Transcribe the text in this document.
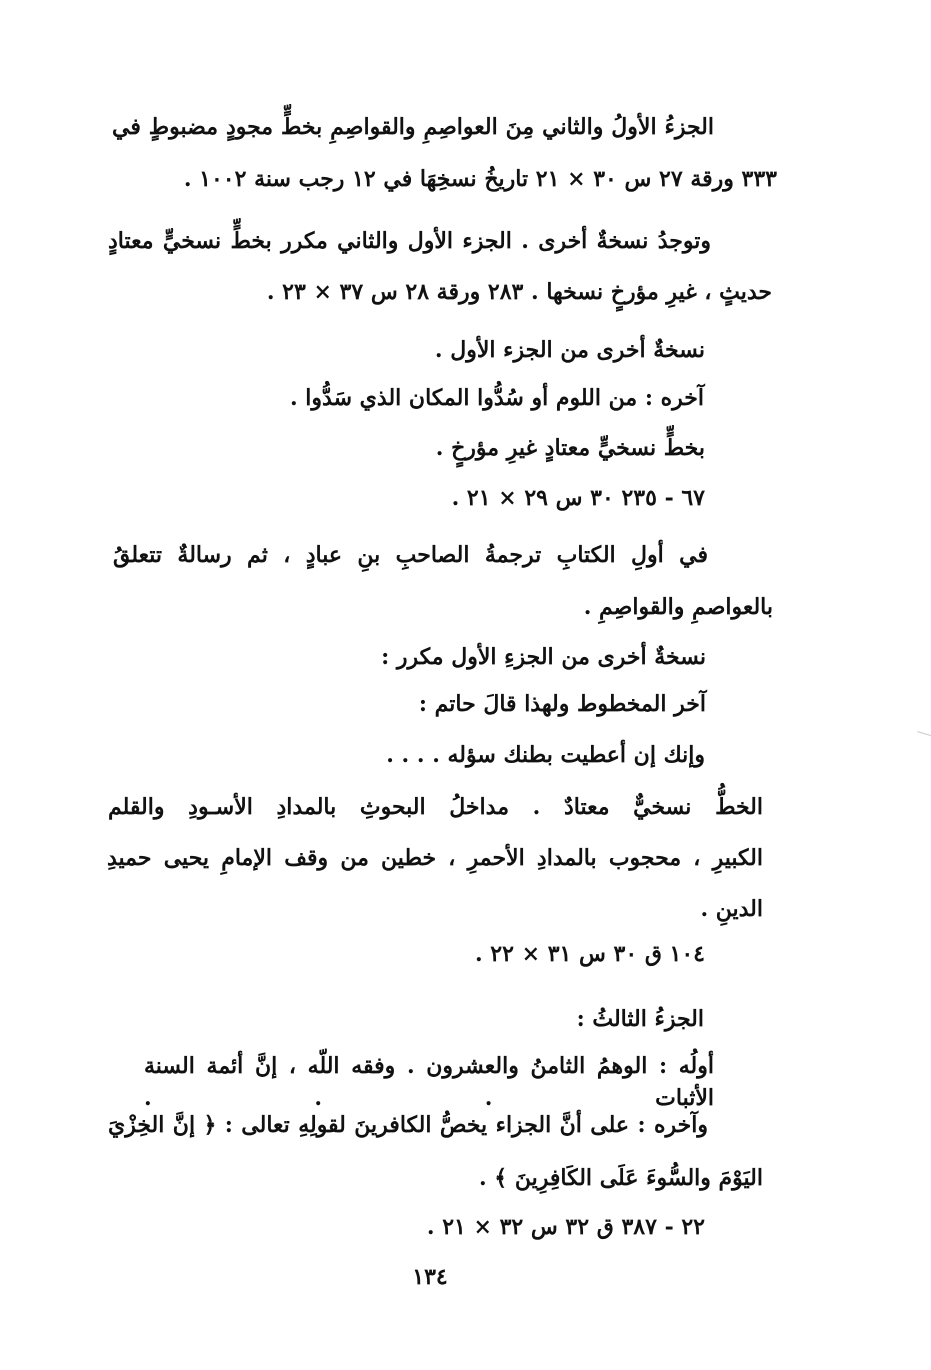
الجزءُ الأولُ والثاني مِنَ العواصِمِ والقواصِمِ بخطٍّ مجودٍ مضبوطٍ في
٣٣٣ ورقة ٢٧ س ٣٠ × ٢١ تاريخُ نسخِهَا في ١٢ رجب سنة ١٠٠٢ .
وتوجدُ نسخةٌ أخرى . الجزء الأول والثاني مكرر بخطٍّ نسخيٍّ معتادٍ
حديثٍ ، غيرِ مؤرخٍ نسخها . ٢٨٣ ورقة ٢٨ س ٣٧ × ٢٣ .
نسخةٌ أخرى من الجزء الأول .
آخره : من اللوم أو سُدُّوا المكان الذي سَدُّوا .
بخطٍّ نسخيٍّ معتادٍ غيرِ مؤرخٍ .
٦٧ - ٢٣٥ ٣٠ س ٢٩ × ٢١ .
في أولِ الكتابِ ترجمةُ الصاحبِ بنِ عبادٍ ، ثم رسالةٌ تتعلقُ
بالعواصمِ والقواصِمِ .
نسخةٌ أخرى من الجزءِ الأول مكرر :
آخر المخطوط ولهذا قالَ حاتم :
وإنك إن أعطيت بطنك سؤله . . . .
الخطُّ نسخيٌّ معتادٌ . مداخلُ البحوثِ بالمدادِ الأسـودِ والقلم
الكبيرِ ، محجوب بالمدادِ الأحمرِ ، خطين من وقف الإمامِ يحيى حميدِ
الدينِ .
١٠٤ ق ٣٠ س ٣١ × ٢٢ .
الجزءُ الثالثُ :
أولُه : الوهمُ الثامنُ والعشرون . وفقه اللّه ، إنَّ أئمة السنة الأثبات . . .
وآخره : على أنَّ الجزاء يخصُّ الكافرينَ لقولِهِ تعالى : ﴿ إنَّ الخِزْيَ
اليَوْمَ والسُّوءَ عَلَى الكَافِرِينَ ﴾ .
٢٢ - ٣٨٧ ق ٣٢ س ٣٢ × ٢١ .
١٣٤
